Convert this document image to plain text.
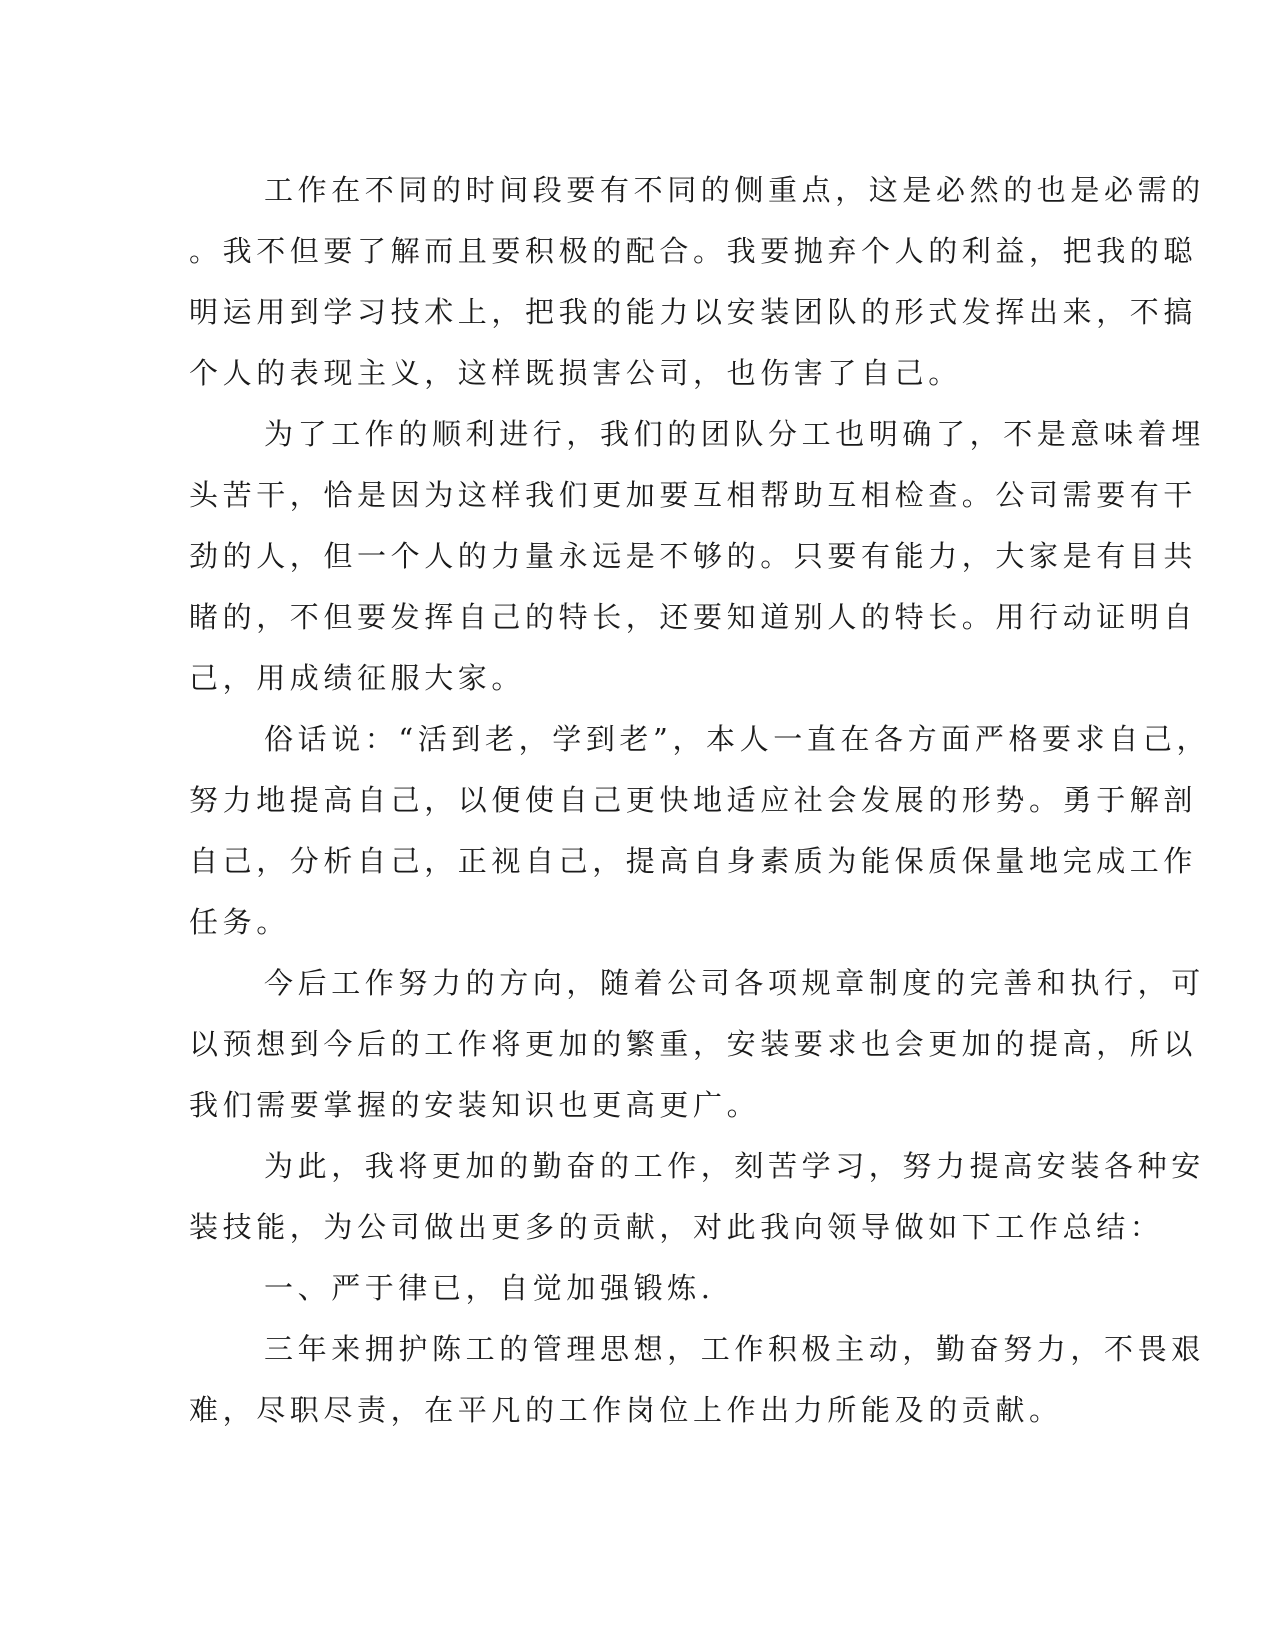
工作在不同的时间段要有不同的侧重点，这是必然的也是必需的
。我不但要了解而且要积极的配合。我要抛弃个人的利益，把我的聪
明运用到学习技术上，把我的能力以安装团队的形式发挥出来，不搞
个人的表现主义，这样既损害公司，也伤害了自己。
为了工作的顺利进行，我们的团队分工也明确了，不是意味着埋
头苦干，恰是因为这样我们更加要互相帮助互相检查。公司需要有干
劲的人，但一个人的力量永远是不够的。只要有能力，大家是有目共
睹的，不但要发挥自己的特长，还要知道别人的特长。用行动证明自
己，用成绩征服大家。
俗话说：“活到老，学到老”，本人一直在各方面严格要求自己，
努力地提高自己，以便使自己更快地适应社会发展的形势。勇于解剖
自己，分析自己，正视自己，提高自身素质为能保质保量地完成工作
任务。
今后工作努力的方向，随着公司各项规章制度的完善和执行，可
以预想到今后的工作将更加的繁重，安装要求也会更加的提高，所以
我们需要掌握的安装知识也更高更广。
为此，我将更加的勤奋的工作，刻苦学习，努力提高安装各种安
装技能，为公司做出更多的贡献，对此我向领导做如下工作总结：
一、严于律已，自觉加强锻炼.
三年来拥护陈工的管理思想，工作积极主动，勤奋努力，不畏艰
难，尽职尽责，在平凡的工作岗位上作出力所能及的贡献。
